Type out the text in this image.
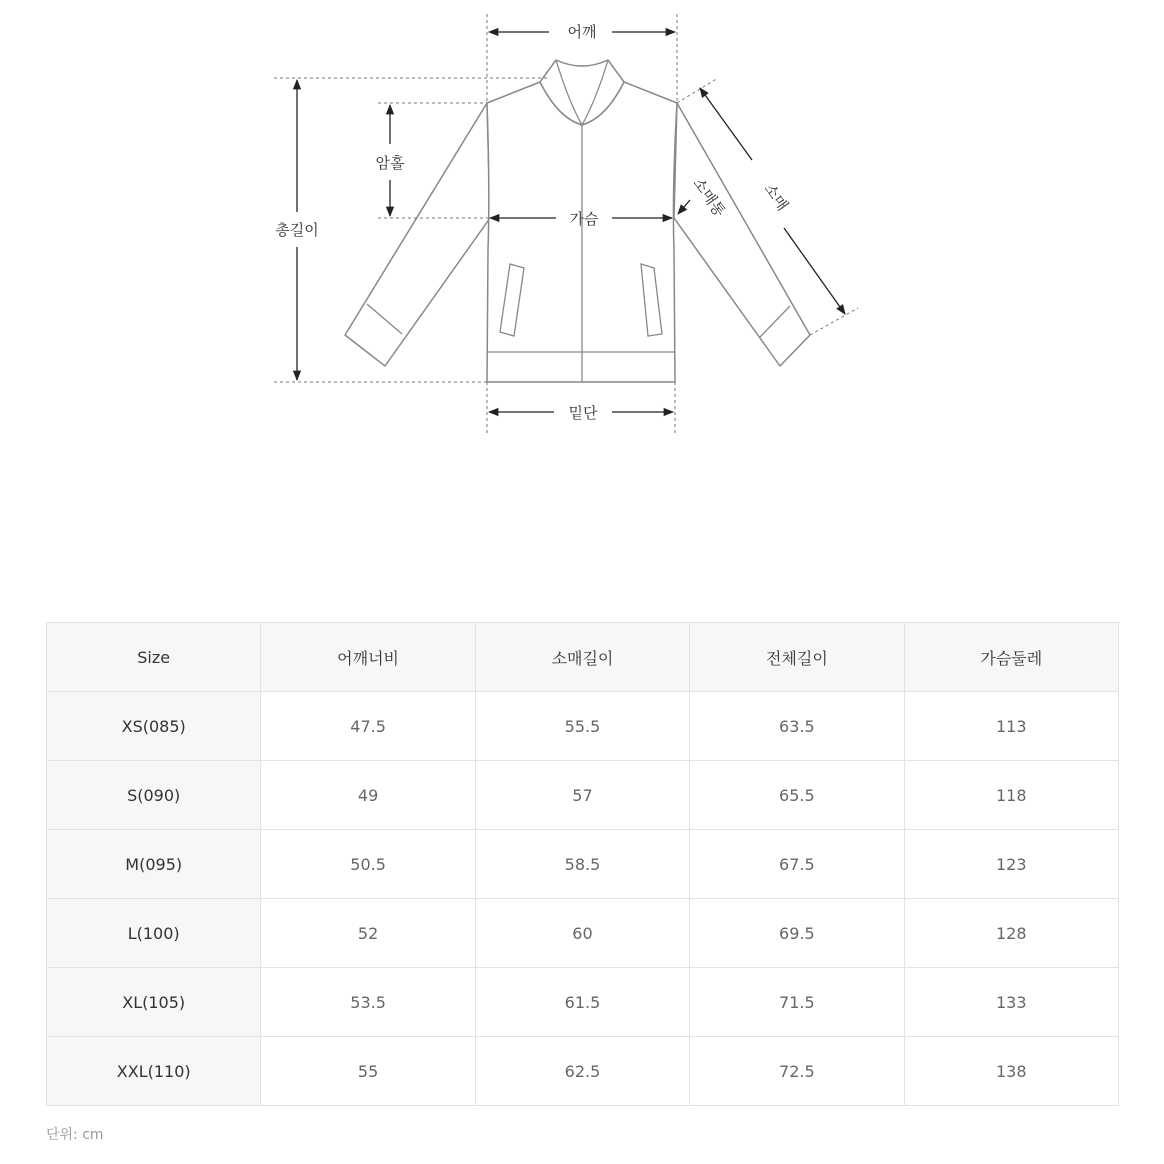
어깨
총길이
암홀
가슴
밑단
소매
소매통
Size	어깨너비	소매길이	전체길이	가슴둘레
XS(085)	47.5	55.5	63.5	113
S(090)	49	57	65.5	118
M(095)	50.5	58.5	67.5	123
L(100)	52	60	69.5	128
XL(105)	53.5	61.5	71.5	133
XXL(110)	55	62.5	72.5	138
단위: cm
